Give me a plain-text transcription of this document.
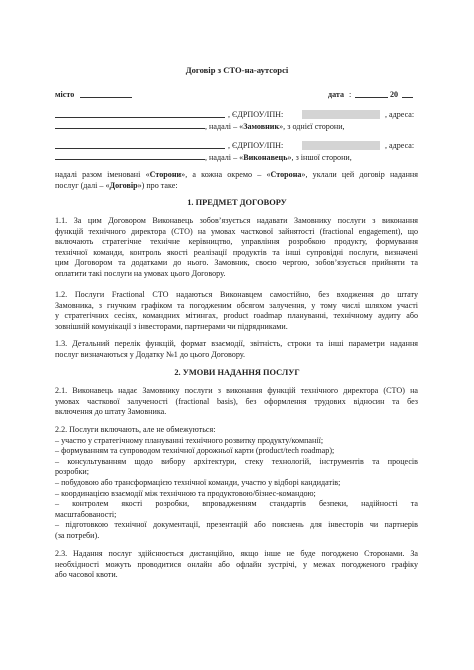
Договір з СТО-на-аутсорсі
місто	дата :	20
, ЄДРПОУ/ІПН:	, адреса:
, надалі – «Замовник», з однієї сторони,
, ЄДРПОУ/ІПН:	, адреса:
, надалі – «Виконавець», з іншої сторони,
надалі разом іменовані «Сторони», а кожна окремо – «Сторона», уклали цей договір надання
послуг (далі – «Договір») про таке:
1. ПРЕДМЕТ ДОГОВОРУ
1.1. За цим Договором Виконавець зобов’язується надавати Замовнику послуги з виконання
функцій технічного директора (СТО) на умовах часткової зайнятості (fractional engagement), що
включають стратегічне технічне керівництво, управління розробкою продукту, формування
технічної команди, контроль якості реалізації продуктів та інші супровідні послуги, визначені
цим Договором та додатками до нього. Замовник, своєю чергою, зобов’язується прийняти та
оплатити такі послуги на умовах цього Договору.
1.2. Послуги Fractional СТО надаються Виконавцем самостійно, без входження до штату
Замовника, з гнучким графіком та погодженим обсягом залучення, у тому числі шляхом участі
у стратегічних сесіях, командних мітингах, product roadmap плануванні, технічному аудиту або
зовнішній комунікації з інвесторами, партнерами чи підрядниками.
1.3. Детальний перелік функцій, формат взаємодії, звітність, строки та інші параметри надання
послуг визначаються у Додатку №1 до цього Договору.
2. УМОВИ НАДАННЯ ПОСЛУГ
2.1. Виконавець надає Замовнику послуги з виконання функцій технічного директора (СТО) на
умовах часткової залученості (fractional basis), без оформлення трудових відносин та без
включення до штату Замовника.
2.2. Послуги включають, але не обмежуються:
– участю у стратегічному плануванні технічного розвитку продукту/компанії;
– формуванням та супроводом технічної дорожньої карти (product/tech roadmap);
– консультуванням щодо вибору архітектури, стеку технологій, інструментів та процесів
розробки;
– побудовою або трансформацією технічної команди, участю у відборі кандидатів;
– координацією взаємодії між технічною та продуктовою/бізнес-командою;
– контролем якості розробки, впровадженням стандартів безпеки, надійності та
масштабованості;
– підготовкою технічної документації, презентацій або пояснень для інвесторів чи партнерів
(за потреби).
2.3. Надання послуг здійснюється дистанційно, якщо інше не буде погоджено Сторонами. За
необхідності можуть проводитися онлайн або офлайн зустрічі, у межах погодженого графіку
або часової квоти.
